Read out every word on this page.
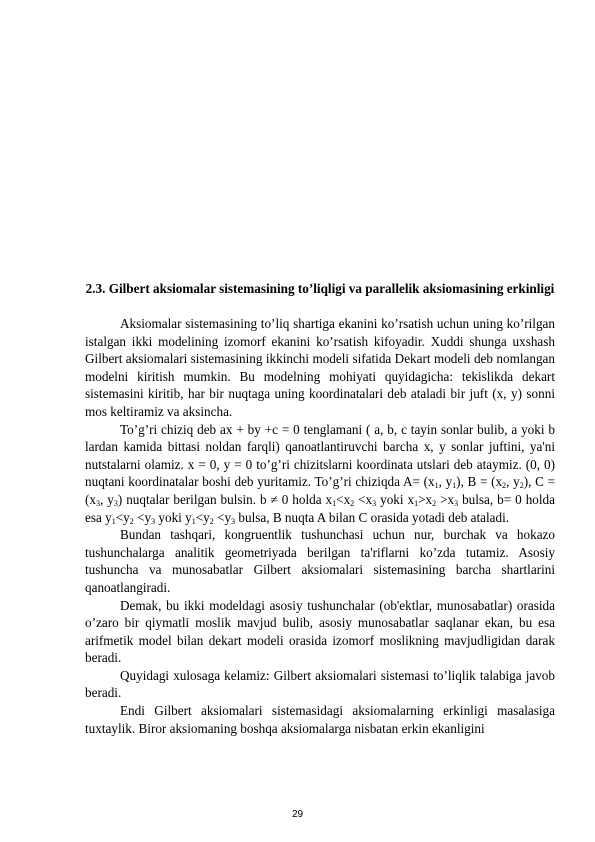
2.3. Gilbert aksiomalar sistemasining to’liqligi va parallelik aksiomasining erkinligi

Aksiomalar sistemasining to’liq shartiga ekanini ko’rsatish uchun uning ko’rilgan istalgan ikki modelining izomorf ekanini ko’rsatish kifoyadir. Xuddi shunga uxshash Gilbert aksiomalari sistemasining ikkinchi modeli sifatida Dekart modeli deb nomlangan modelni kiritish mumkin. Bu modelning mohiyati quyidagicha: tekislikda dekart sistemasini kiritib, har bir nuqtaga uning koordinatalari deb ataladi bir juft (x, y) sonni mos keltiramiz va aksincha.

To’g’ri chiziq deb ax + by +c = 0 tenglamani ( a, b, c tayin sonlar bulib, a yoki b lardan kamida bittasi noldan farqli) qanoatlantiruvchi barcha x, y sonlar juftini, ya'ni nutstalarni olamiz. x = 0, y = 0 to’g’ri chizitslarni koordinata utslari deb ataymiz. (0, 0) nuqtani koordinatalar boshi deb yuritamiz. To’g’ri chiziqda $A= (x_1$, $y_1$), $B = (x_2$, $y_2$), $C = (x_3$, $y_3$) nuqtalar berilgan bulsin. b ≠ 0 holda $x_1<x_2 <x_3$ yoki $x_1>x_2 >x_3$ bulsa, b= 0 holda esa $y_1<y_2 <y_3$ yoki $y_1<y_2 <y_3$ bulsa, B nuqta A bilan C orasida yotadi deb ataladi.

Bundan tashqari, kongruentlik tushunchasi uchun nur, burchak va hokazo tushunchalarga analitik geometriyada berilgan ta'riflarni ko’zda tutamiz. Asosiy tushuncha va munosabatlar Gilbert aksiomalari sistemasining barcha shartlarini qanoatlangiradi.

Demak, bu ikki modeldagi asosiy tushunchalar (ob'ektlar, munosabatlar) orasida o’zaro bir qiymatli moslik mavjud bulib, asosiy munosabatlar saqlanar ekan, bu esa arifmetik model bilan dekart modeli orasida izomorf moslikning mavjudligidan darak beradi.

Quyidagi xulosaga kelamiz: Gilbert aksiomalari sistemasi to’liqlik talabiga javob beradi.

Endi Gilbert aksiomalari sistemasidagi aksiomalarning erkinligi masalasiga tuxtaylik. Biror aksiomaning boshqa aksiomalarga nisbatan erkin ekanligini

29
